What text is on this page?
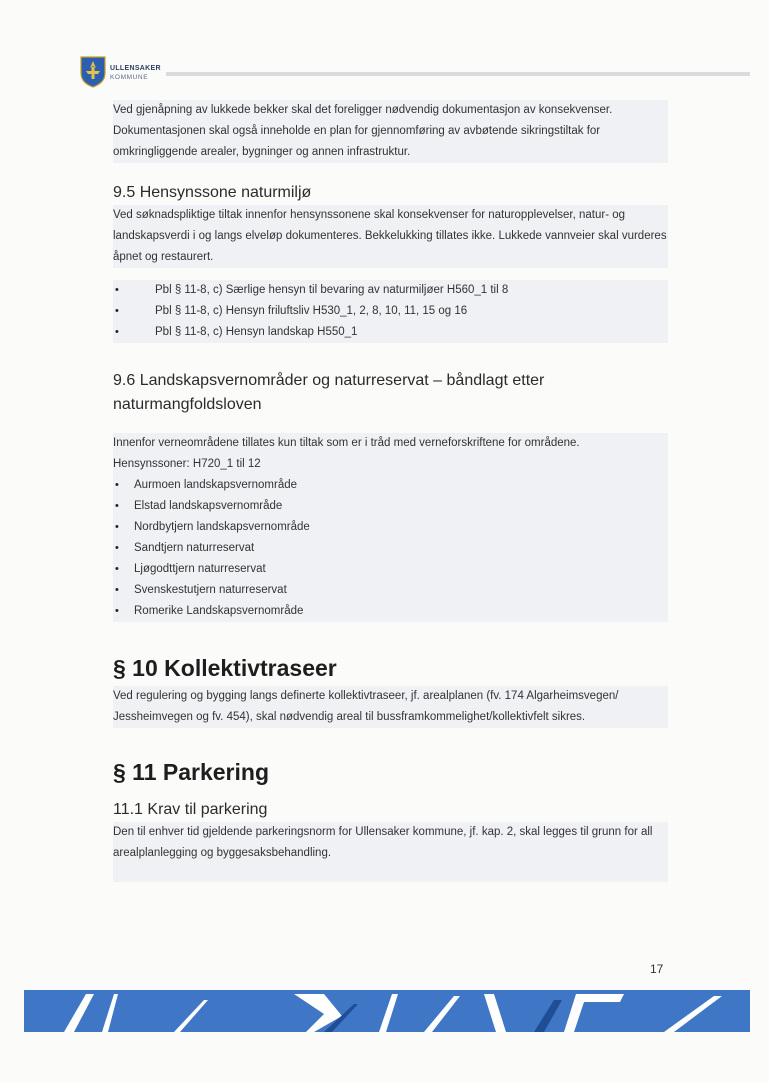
ULLENSAKER
KOMMUNE

Ved gjenåpning av lukkede bekker skal det foreligger nødvendig dokumentasjon av konsekvenser. Dokumentasjonen skal også inneholde en plan for gjennomføring av avbøtende sikringstiltak for omkringliggende arealer, bygninger og annen infrastruktur.

9.5 Hensynssone naturmiljø

Ved søknadspliktige tiltak innenfor hensynssonene skal konsekvenser for naturopplevelser, natur- og landskapsverdi i og langs elveløp dokumenteres. Bekkelukking tillates ikke. Lukkede vannveier skal vurderes åpnet og restaurert.

•	Pbl § 11-8, c) Særlige hensyn til bevaring av naturmiljøer H560_1 til 8
•	Pbl § 11-8, c) Hensyn friluftsliv H530_1, 2, 8, 10, 11, 15 og 16
•	Pbl § 11-8, c) Hensyn landskap H550_1
9.6 Landskapsvernområder og naturreservat – båndlagt etter
naturmangfoldsloven

Innenfor verneområdene tillates kun tiltak som er i tråd med verneforskriftene for områdene.
Hensynssoner: H720_1 til 12

• Aurmoen landskapsvernområde
• Elstad landskapsvernområde
• Nordbytjern landskapsvernområde
• Sandtjern naturreservat
• Ljøgodttjern naturreservat
• Svenskestutjern naturreservat
• Romerike Landskapsvernområde
§ 10 Kollektivtraseer

Ved regulering og bygging langs definerte kollektivtraseer, jf. arealplanen (fv. 174 Algarheimsvegen/ Jessheimvegen og fv. 454), skal nødvendig areal til bussframkommelighet/kollektivfelt sikres.

§ 11 Parkering
11.1 Krav til parkering

Den til enhver tid gjeldende parkeringsnorm for Ullensaker kommune, jf. kap. 2, skal legges til grunn for all arealplanlegging og byggesaksbehandling.

17
